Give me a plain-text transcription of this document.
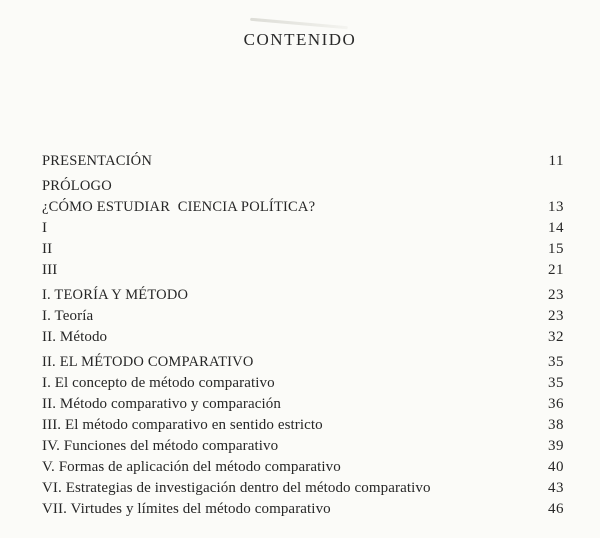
CONTENIDO
PRESENTACIÓN	11
PRÓLOGO
¿CÓMO ESTUDIAR  CIENCIA POLÍTICA?	13
I	14
II	15
III	21
I. TEORÍA Y MÉTODO	23
I. Teoría	23
II. Método	32
II. EL MÉTODO COMPARATIVO	35
I. El concepto de método comparativo	35
II. Método comparativo y comparación	36
III. El método comparativo en sentido estricto	38
IV. Funciones del método comparativo	39
V. Formas de aplicación del método comparativo	40
VI. Estrategias de investigación dentro del método comparativo	43
VII. Virtudes y límites del método comparativo	46
